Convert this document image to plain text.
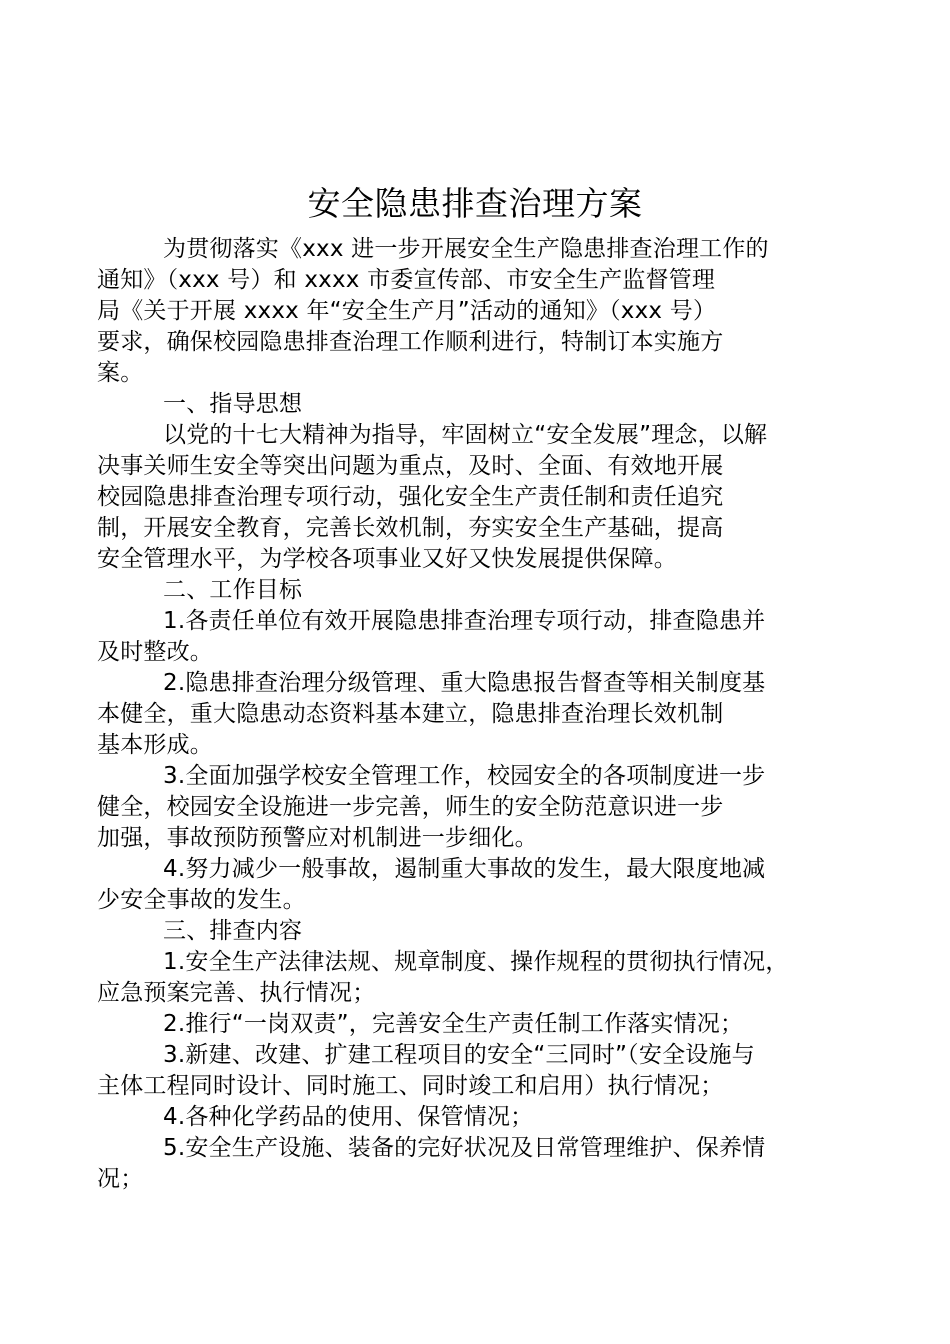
安全隐患排查治理方案

为贯彻落实《xxx 进一步开展安全生产隐患排查治理工作的
通知》（xxx 号）和 xxxx 市委宣传部、市安全生产监督管理
局《关于开展 xxxx 年“安全生产月”活动的通知》（xxx 号）
要求，确保校园隐患排查治理工作顺利进行，特制订本实施方
案。

一、指导思想

以党的十七大精神为指导，牢固树立“安全发展”理念，以解
决事关师生安全等突出问题为重点，及时、全面、有效地开展
校园隐患排查治理专项行动，强化安全生产责任制和责任追究
制，开展安全教育，完善长效机制，夯实安全生产基础，提高
安全管理水平，为学校各项事业又好又快发展提供保障。

二、工作目标

1.各责任单位有效开展隐患排查治理专项行动，排查隐患并
及时整改。

2.隐患排查治理分级管理、重大隐患报告督查等相关制度基
本健全，重大隐患动态资料基本建立，隐患排查治理长效机制
基本形成。

3.全面加强学校安全管理工作，校园安全的各项制度进一步
健全，校园安全设施进一步完善，师生的安全防范意识进一步
加强，事故预防预警应对机制进一步细化。

4.努力减少一般事故，遏制重大事故的发生，最大限度地减
少安全事故的发生。

三、排查内容

1.安全生产法律法规、规章制度、操作规程的贯彻执行情况，
应急预案完善、执行情况；

2.推行“一岗双责”，完善安全生产责任制工作落实情况；

3.新建、改建、扩建工程项目的安全“三同时”（安全设施与
主体工程同时设计、同时施工、同时竣工和启用）执行情况；

4.各种化学药品的使用、保管情况；

5.安全生产设施、装备的完好状况及日常管理维护、保养情
况；
